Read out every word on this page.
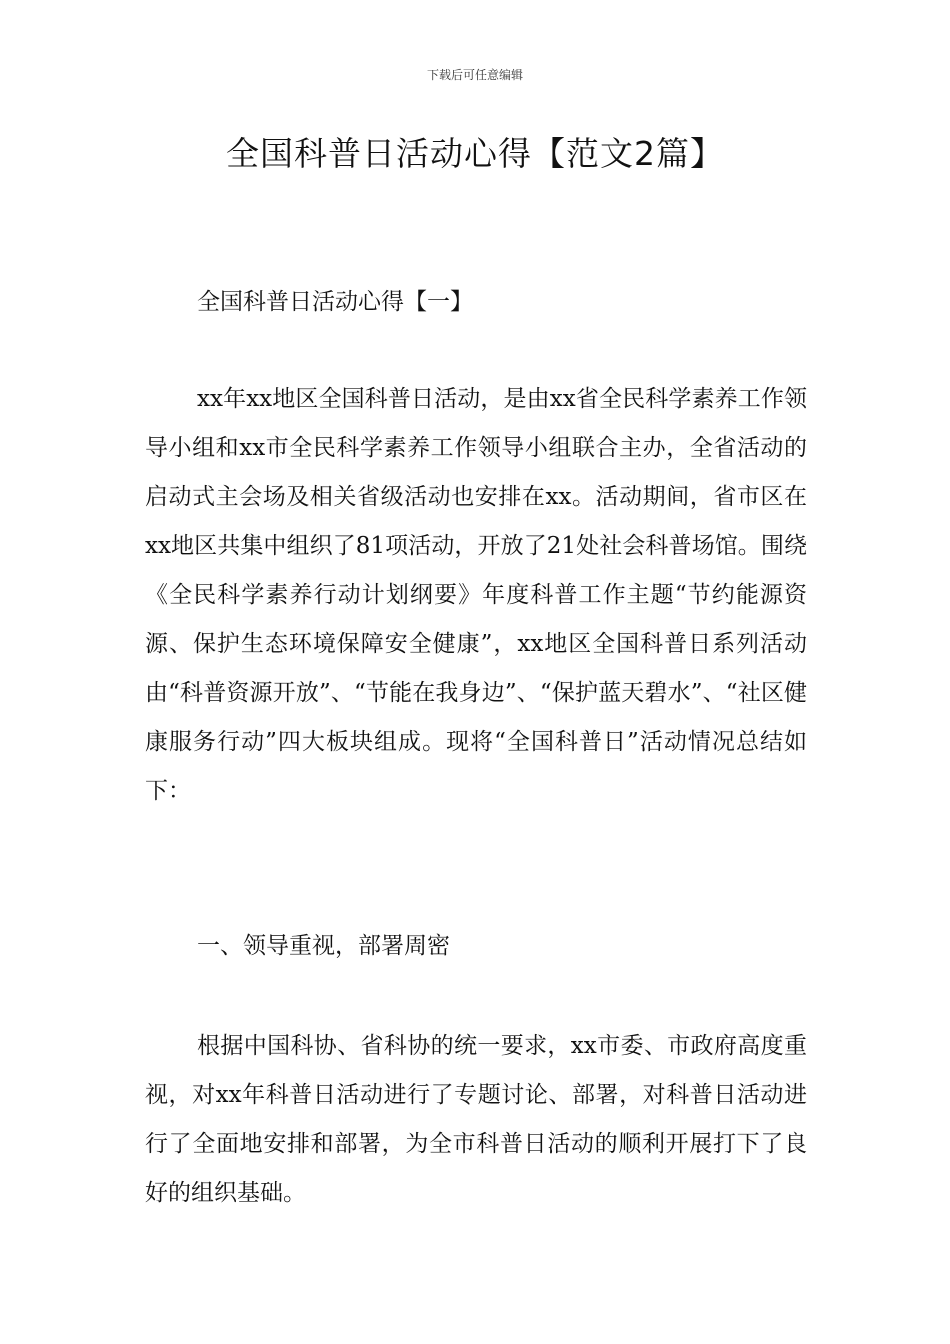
下载后可任意编辑
全国科普日活动心得【范文2篇】

全国科普日活动心得【一】

xx年xx地区全国科普日活动，是由xx省全民科学素养工作领导小组和xx市全民科学素养工作领导小组联合主办，全省活动的启动式主会场及相关省级活动也安排在xx。活动期间，省市区在xx地区共集中组织了81项活动，开放了21处社会科普场馆。围绕《全民科学素养行动计划纲要》年度科普工作主题“节约能源资源、保护生态环境保障安全健康”，xx地区全国科普日系列活动由“科普资源开放”、“节能在我身边”、“保护蓝天碧水”、“社区健康服务行动”四大板块组成。现将“全国科普日”活动情况总结如下：

一、领导重视，部署周密

根据中国科协、省科协的统一要求，xx市委、市政府高度重视，对xx年科普日活动进行了专题讨论、部署，对科普日活动进行了全面地安排和部署，为全市科普日活动的顺利开展打下了良好的组织基础。
